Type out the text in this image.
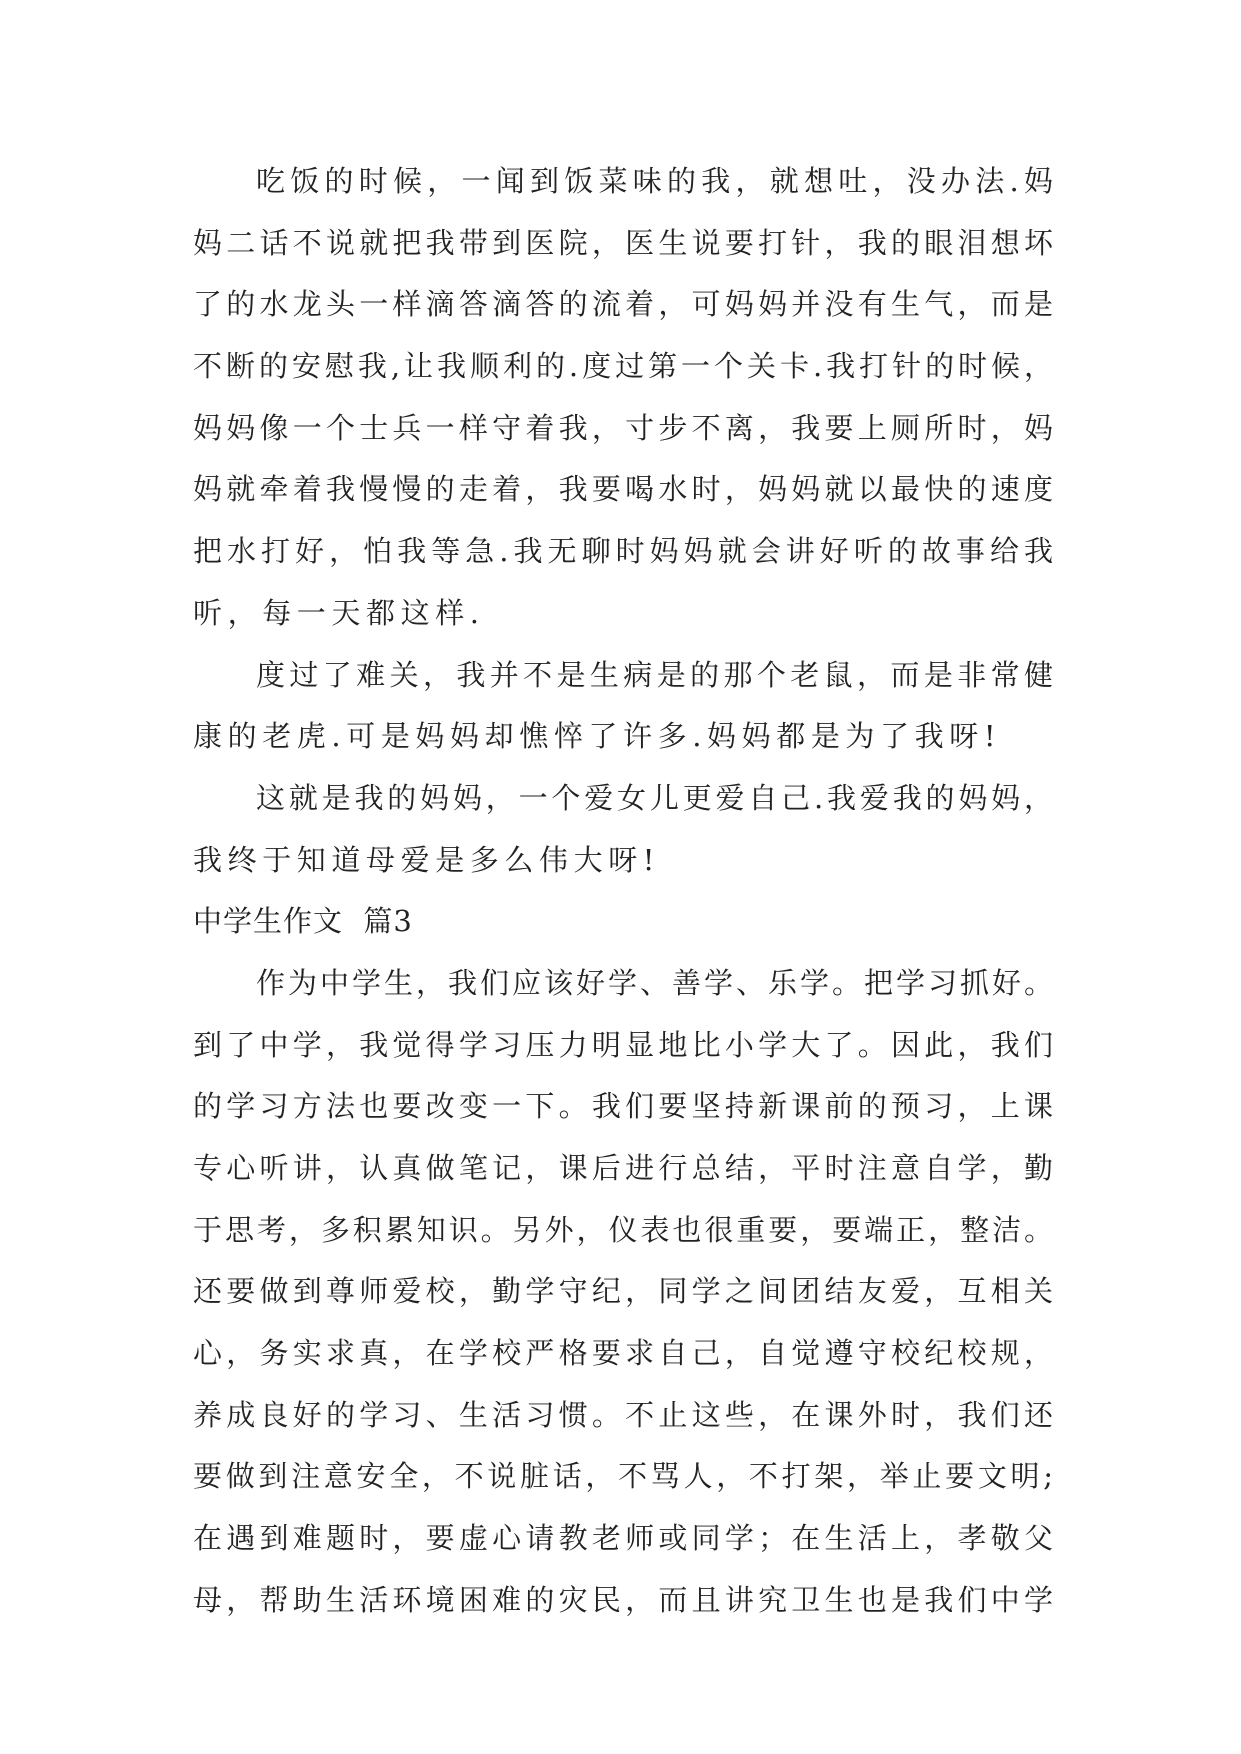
吃饭的时候，一闻到饭菜味的我，就想吐，没办法.妈
妈二话不说就把我带到医院，医生说要打针，我的眼泪想坏
了的水龙头一样滴答滴答的流着，可妈妈并没有生气，而是
不断的安慰我,让我顺利的.度过第一个关卡.我打针的时候，
妈妈像一个士兵一样守着我，寸步不离，我要上厕所时，妈
妈就牵着我慢慢的走着，我要喝水时，妈妈就以最快的速度
把水打好，怕我等急.我无聊时妈妈就会讲好听的故事给我
听，每一天都这样.
度过了难关，我并不是生病是的那个老鼠，而是非常健
康的老虎.可是妈妈却憔悴了许多.妈妈都是为了我呀!
这就是我的妈妈，一个爱女儿更爱自己.我爱我的妈妈，
我终于知道母爱是多么伟大呀!
中学生作文  篇3
作为中学生，我们应该好学、善学、乐学。把学习抓好。
到了中学，我觉得学习压力明显地比小学大了。因此，我们
的学习方法也要改变一下。我们要坚持新课前的预习，上课
专心听讲，认真做笔记，课后进行总结，平时注意自学，勤
于思考，多积累知识。另外，仪表也很重要，要端正，整洁。
还要做到尊师爱校，勤学守纪，同学之间团结友爱，互相关
心，务实求真，在学校严格要求自己，自觉遵守校纪校规，
养成良好的学习、生活习惯。不止这些，在课外时，我们还
要做到注意安全，不说脏话，不骂人，不打架，举止要文明;
在遇到难题时，要虚心请教老师或同学；在生活上，孝敬父
母，帮助生活环境困难的灾民，而且讲究卫生也是我们中学
